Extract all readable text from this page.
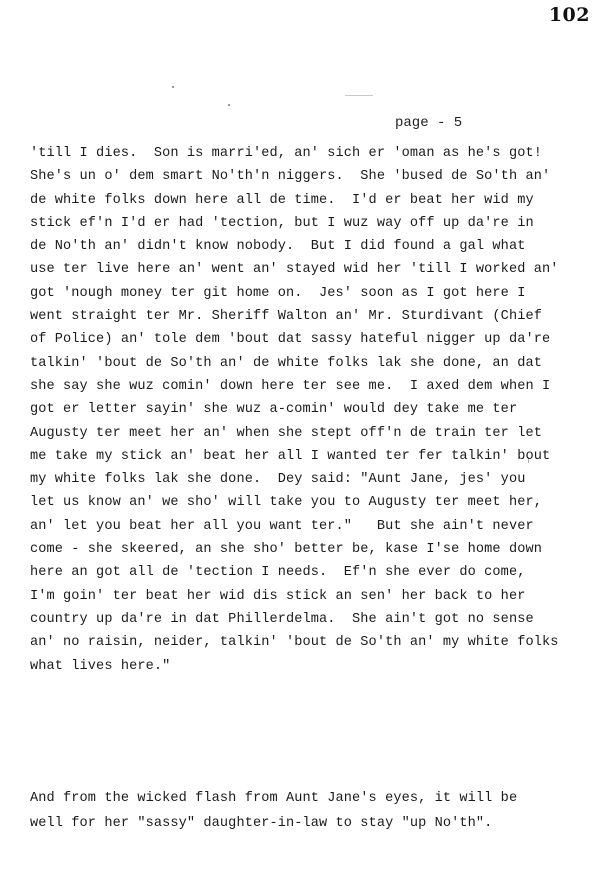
102
page - 5
'till I dies.  Son is marri'ed, an' sich er 'oman as he's got!
She's un o' dem smart No'th'n niggers.  She 'bused de So'th an'
de white folks down here all de time.  I'd er beat her wid my
stick ef'n I'd er had 'tection, but I wuz way off up da're in
de No'th an' didn't know nobody.  But I did found a gal what
use ter live here an' went an' stayed wid her 'till I worked an'
got 'nough money ter git home on.  Jes' soon as I got here I
went straight ter Mr. Sheriff Walton an' Mr. Sturdivant (Chief
of Police) an' tole dem 'bout dat sassy hateful nigger up da're
talkin' 'bout de So'th an' de white folks lak she done, an dat
she say she wuz comin' down here ter see me.  I axed dem when I
got er letter sayin' she wuz a-comin' would dey take me ter
Augusty ter meet her an' when she stept off'n de train ter let
me take my stick an' beat her all I wanted ter fer talkin' bout
my white folks lak she done.  Dey said: "Aunt Jane, jes' you
let us know an' we sho' will take you to Augusty ter meet her,
an' let you beat her all you want ter."   But she ain't never
come - she skeered, an she sho' better be, kase I'se home down
here an got all de 'tection I needs.  Ef'n she ever do come,
I'm goin' ter beat her wid dis stick an sen' her back to her
country up da're in dat Phillerdelma.  She ain't got no sense
an' no raisin, neider, talkin' 'bout de So'th an' my white folks
what lives here."
And from the wicked flash from Aunt Jane's eyes, it will be
well for her "sassy" daughter-in-law to stay "up No'th".
